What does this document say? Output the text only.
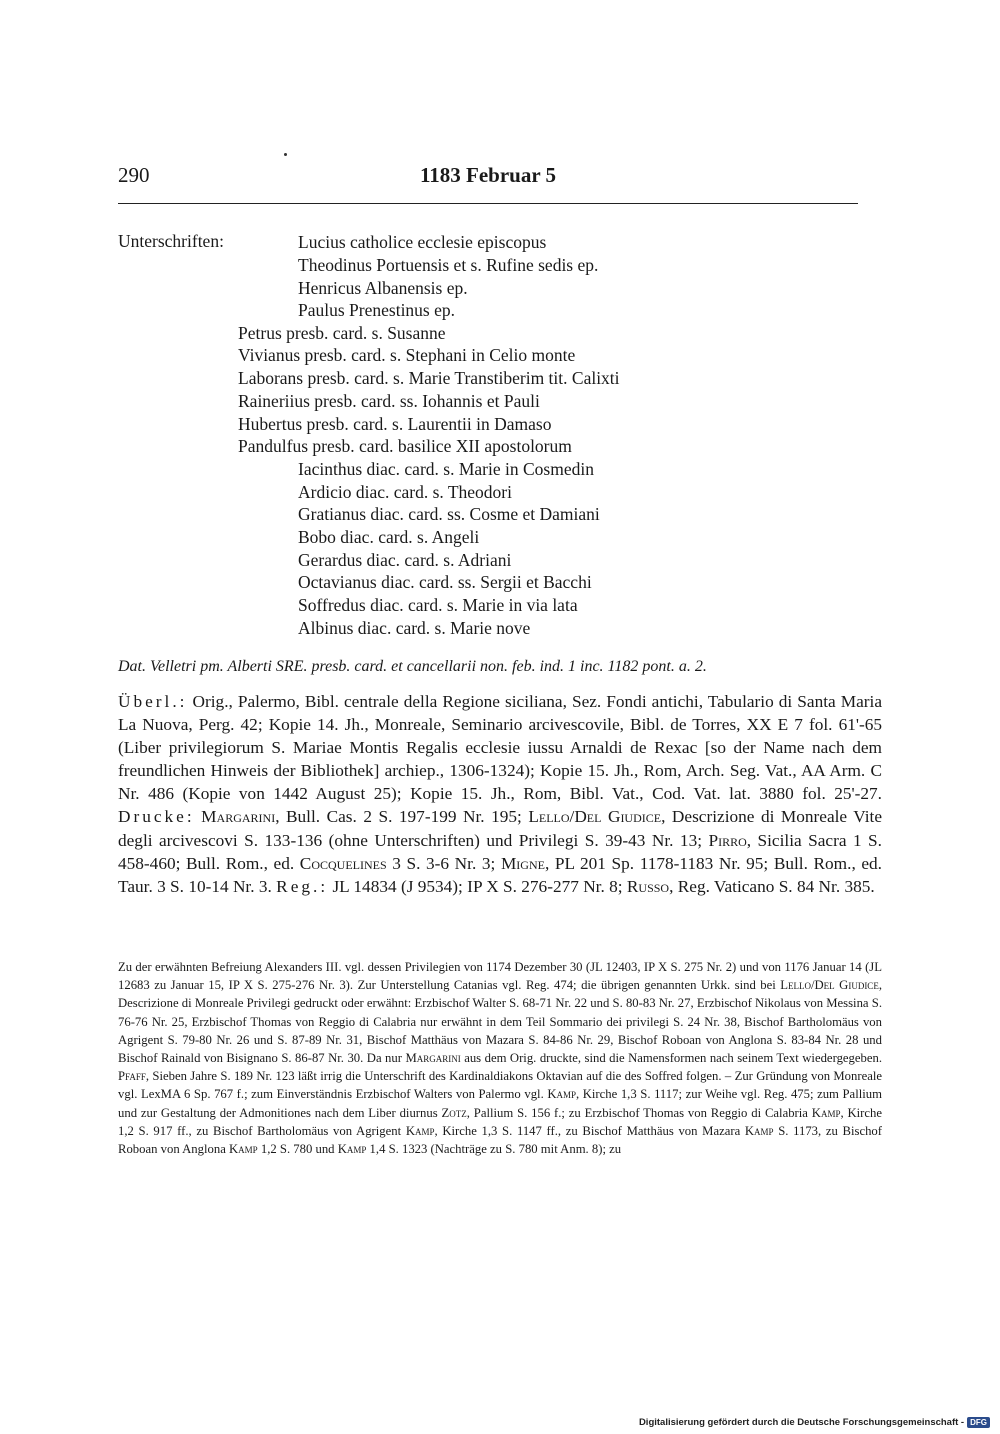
290	1183 Februar 5
Unterschriften:	Lucius catholice ecclesie episcopus
Theodinus Portuensis et s. Rufine sedis ep.
Henricus Albanensis ep.
Paulus Prenestinus ep.
Petrus presb. card. s. Susanne
Vivianus presb. card. s. Stephani in Celio monte
Laborans presb. card. s. Marie Transtiberim tit. Calixti
Raineriius presb. card. ss. Iohannis et Pauli
Hubertus presb. card. s. Laurentii in Damaso
Pandulfus presb. card. basilice XII apostolorum
Iacinthus diac. card. s. Marie in Cosmedin
Ardicio diac. card. s. Theodori
Gratianus diac. card. ss. Cosme et Damiani
Bobo diac. card. s. Angeli
Gerardus diac. card. s. Adriani
Octavianus diac. card. ss. Sergii et Bacchi
Soffredus diac. card. s. Marie in via lata
Albinus diac. card. s. Marie nove
Dat. Velletri pm. Alberti SRE. presb. card. et cancellarii non. feb. ind. 1 inc. 1182 pont. a. 2.

Überl.: Orig., Palermo, Bibl. centrale della Regione siciliana, Sez. Fondi antichi, Tabulario di Santa Maria La Nuova, Perg. 42; Kopie 14. Jh., Monreale, Seminario arcivescovile, Bibl. de Torres, XX E 7 fol. 61'-65 (Liber privilegiorum S. Mariae Montis Regalis ecclesie iussu Arnaldi de Rexac [so der Name nach dem freundlichen Hinweis der Bibliothek] archiep., 1306-1324); Kopie 15. Jh., Rom, Arch. Seg. Vat., AA Arm. C Nr. 486 (Kopie von 1442 August 25); Kopie 15. Jh., Rom, Bibl. Vat., Cod. Vat. lat. 3880 fol. 25'-27. Drucke: Margarini, Bull. Cas. 2 S. 197-199 Nr. 195; Lello/Del Giudice, Descrizione di Monreale Vite degli arcivescovi S. 133-136 (ohne Unterschriften) und Privilegi S. 39-43 Nr. 13; Pirro, Sicilia Sacra 1 S. 458-460; Bull. Rom., ed. Cocquelines 3 S. 3-6 Nr. 3; Migne, PL 201 Sp. 1178-1183 Nr. 95; Bull. Rom., ed. Taur. 3 S. 10-14 Nr. 3. Reg.: JL 14834 (J 9534); IP X S. 276-277 Nr. 8; Russo, Reg. Vaticano S. 84 Nr. 385.

Zu der erwähnten Befreiung Alexanders III. vgl. dessen Privilegien von 1174 Dezember 30 (JL 12403, IP X S. 275 Nr. 2) und von 1176 Januar 14 (JL 12683 zu Januar 15, IP X S. 275-276 Nr. 3). Zur Unterstellung Catanias vgl. Reg. 474; die übrigen genannten Urkk. sind bei Lello/Del Giudice, Descrizione di Monreale Privilegi gedruckt oder erwähnt: Erzbischof Walter S. 68-71 Nr. 22 und S. 80-83 Nr. 27, Erzbischof Nikolaus von Messina S. 76-76 Nr. 25, Erzbischof Thomas von Reggio di Calabria nur erwähnt in dem Teil Sommario dei privilegi S. 24 Nr. 38, Bischof Bartholomäus von Agrigent S. 79-80 Nr. 26 und S. 87-89 Nr. 31, Bischof Matthäus von Mazara S. 84-86 Nr. 29, Bischof Roboan von Anglona S. 83-84 Nr. 28 und Bischof Rainald von Bisignano S. 86-87 Nr. 30. Da nur Margarini aus dem Orig. druckte, sind die Namensformen nach seinem Text wiedergegeben. Pfaff, Sieben Jahre S. 189 Nr. 123 läßt irrig die Unterschrift des Kardinaldiakons Oktavian auf die des Soffred folgen. – Zur Gründung von Monreale vgl. LexMA 6 Sp. 767 f.; zum Einverständnis Erzbischof Walters von Palermo vgl. Kamp, Kirche 1,3 S. 1117; zur Weihe vgl. Reg. 475; zum Pallium und zur Gestaltung der Admonitiones nach dem Liber diurnus Zotz, Pallium S. 156 f.; zu Erzbischof Thomas von Reggio di Calabria Kamp, Kirche 1,2 S. 917 ff., zu Bischof Bartholomäus von Agrigent Kamp, Kirche 1,3 S. 1147 ff., zu Bischof Matthäus von Mazara Kamp S. 1173, zu Bischof Roboan von Anglona Kamp 1,2 S. 780 und Kamp 1,4 S. 1323 (Nachträge zu S. 780 mit Anm. 8); zu

Digitalisierung gefördert durch die Deutsche Forschungsgemeinschaft - DFG
